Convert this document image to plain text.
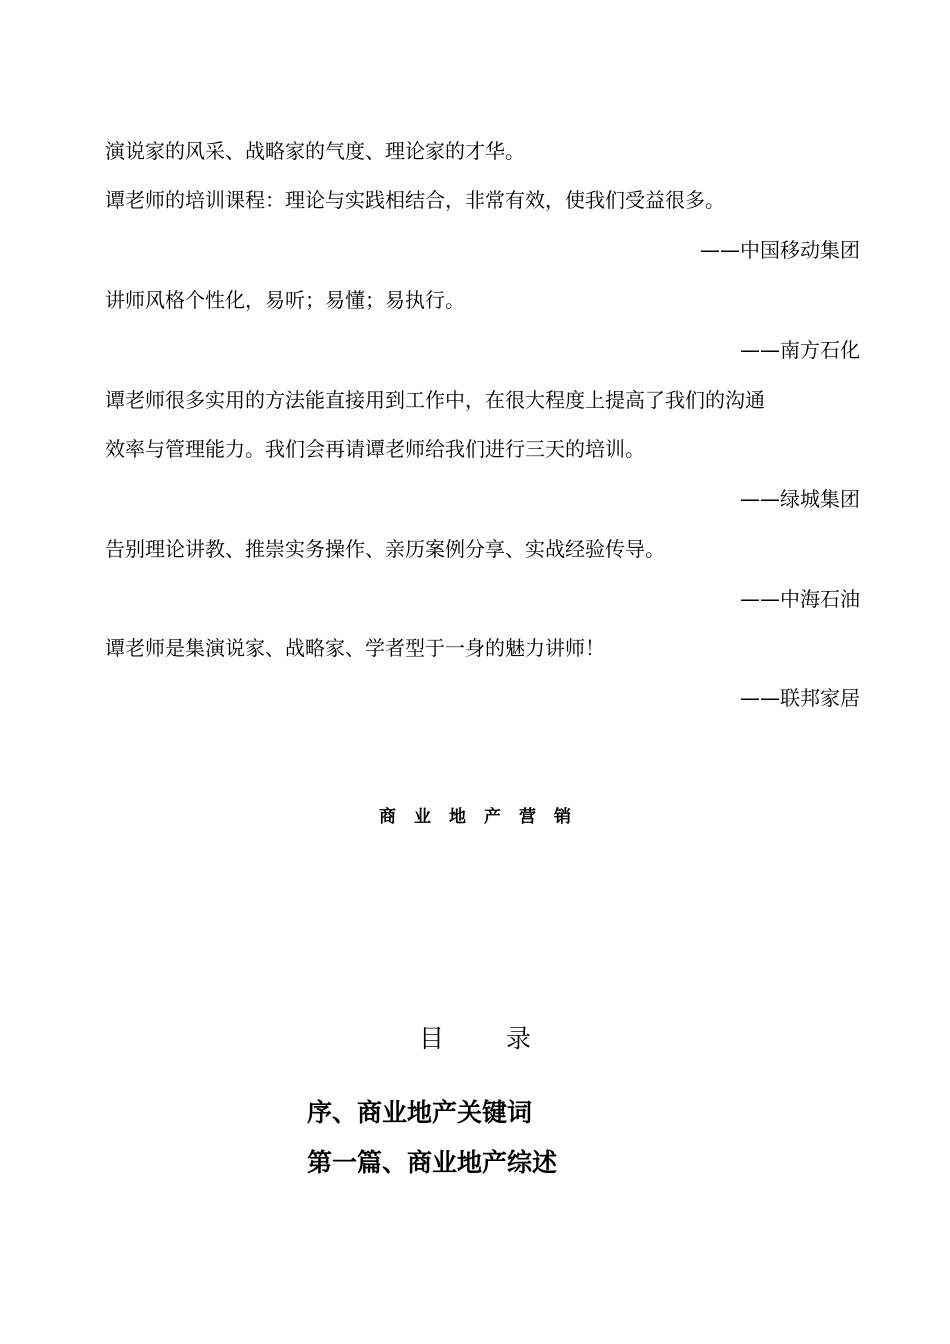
演说家的风采、战略家的气度、理论家的才华。
谭老师的培训课程：理论与实践相结合，非常有效，使我们受益很多。
——中国移动集团
讲师风格个性化，易听；易懂；易执行。
——南方石化
谭老师很多实用的方法能直接用到工作中，在很大程度上提高了我们的沟通
效率与管理能力。我们会再请谭老师给我们进行三天的培训。
——绿城集团
告别理论讲教、推崇实务操作、亲历案例分享、实战经验传导。
——中海石油
谭老师是集演说家、战略家、学者型于一身的魅力讲师！
——联邦家居
商业地产营销
目录
序、商业地产关键词
第一篇、商业地产综述
